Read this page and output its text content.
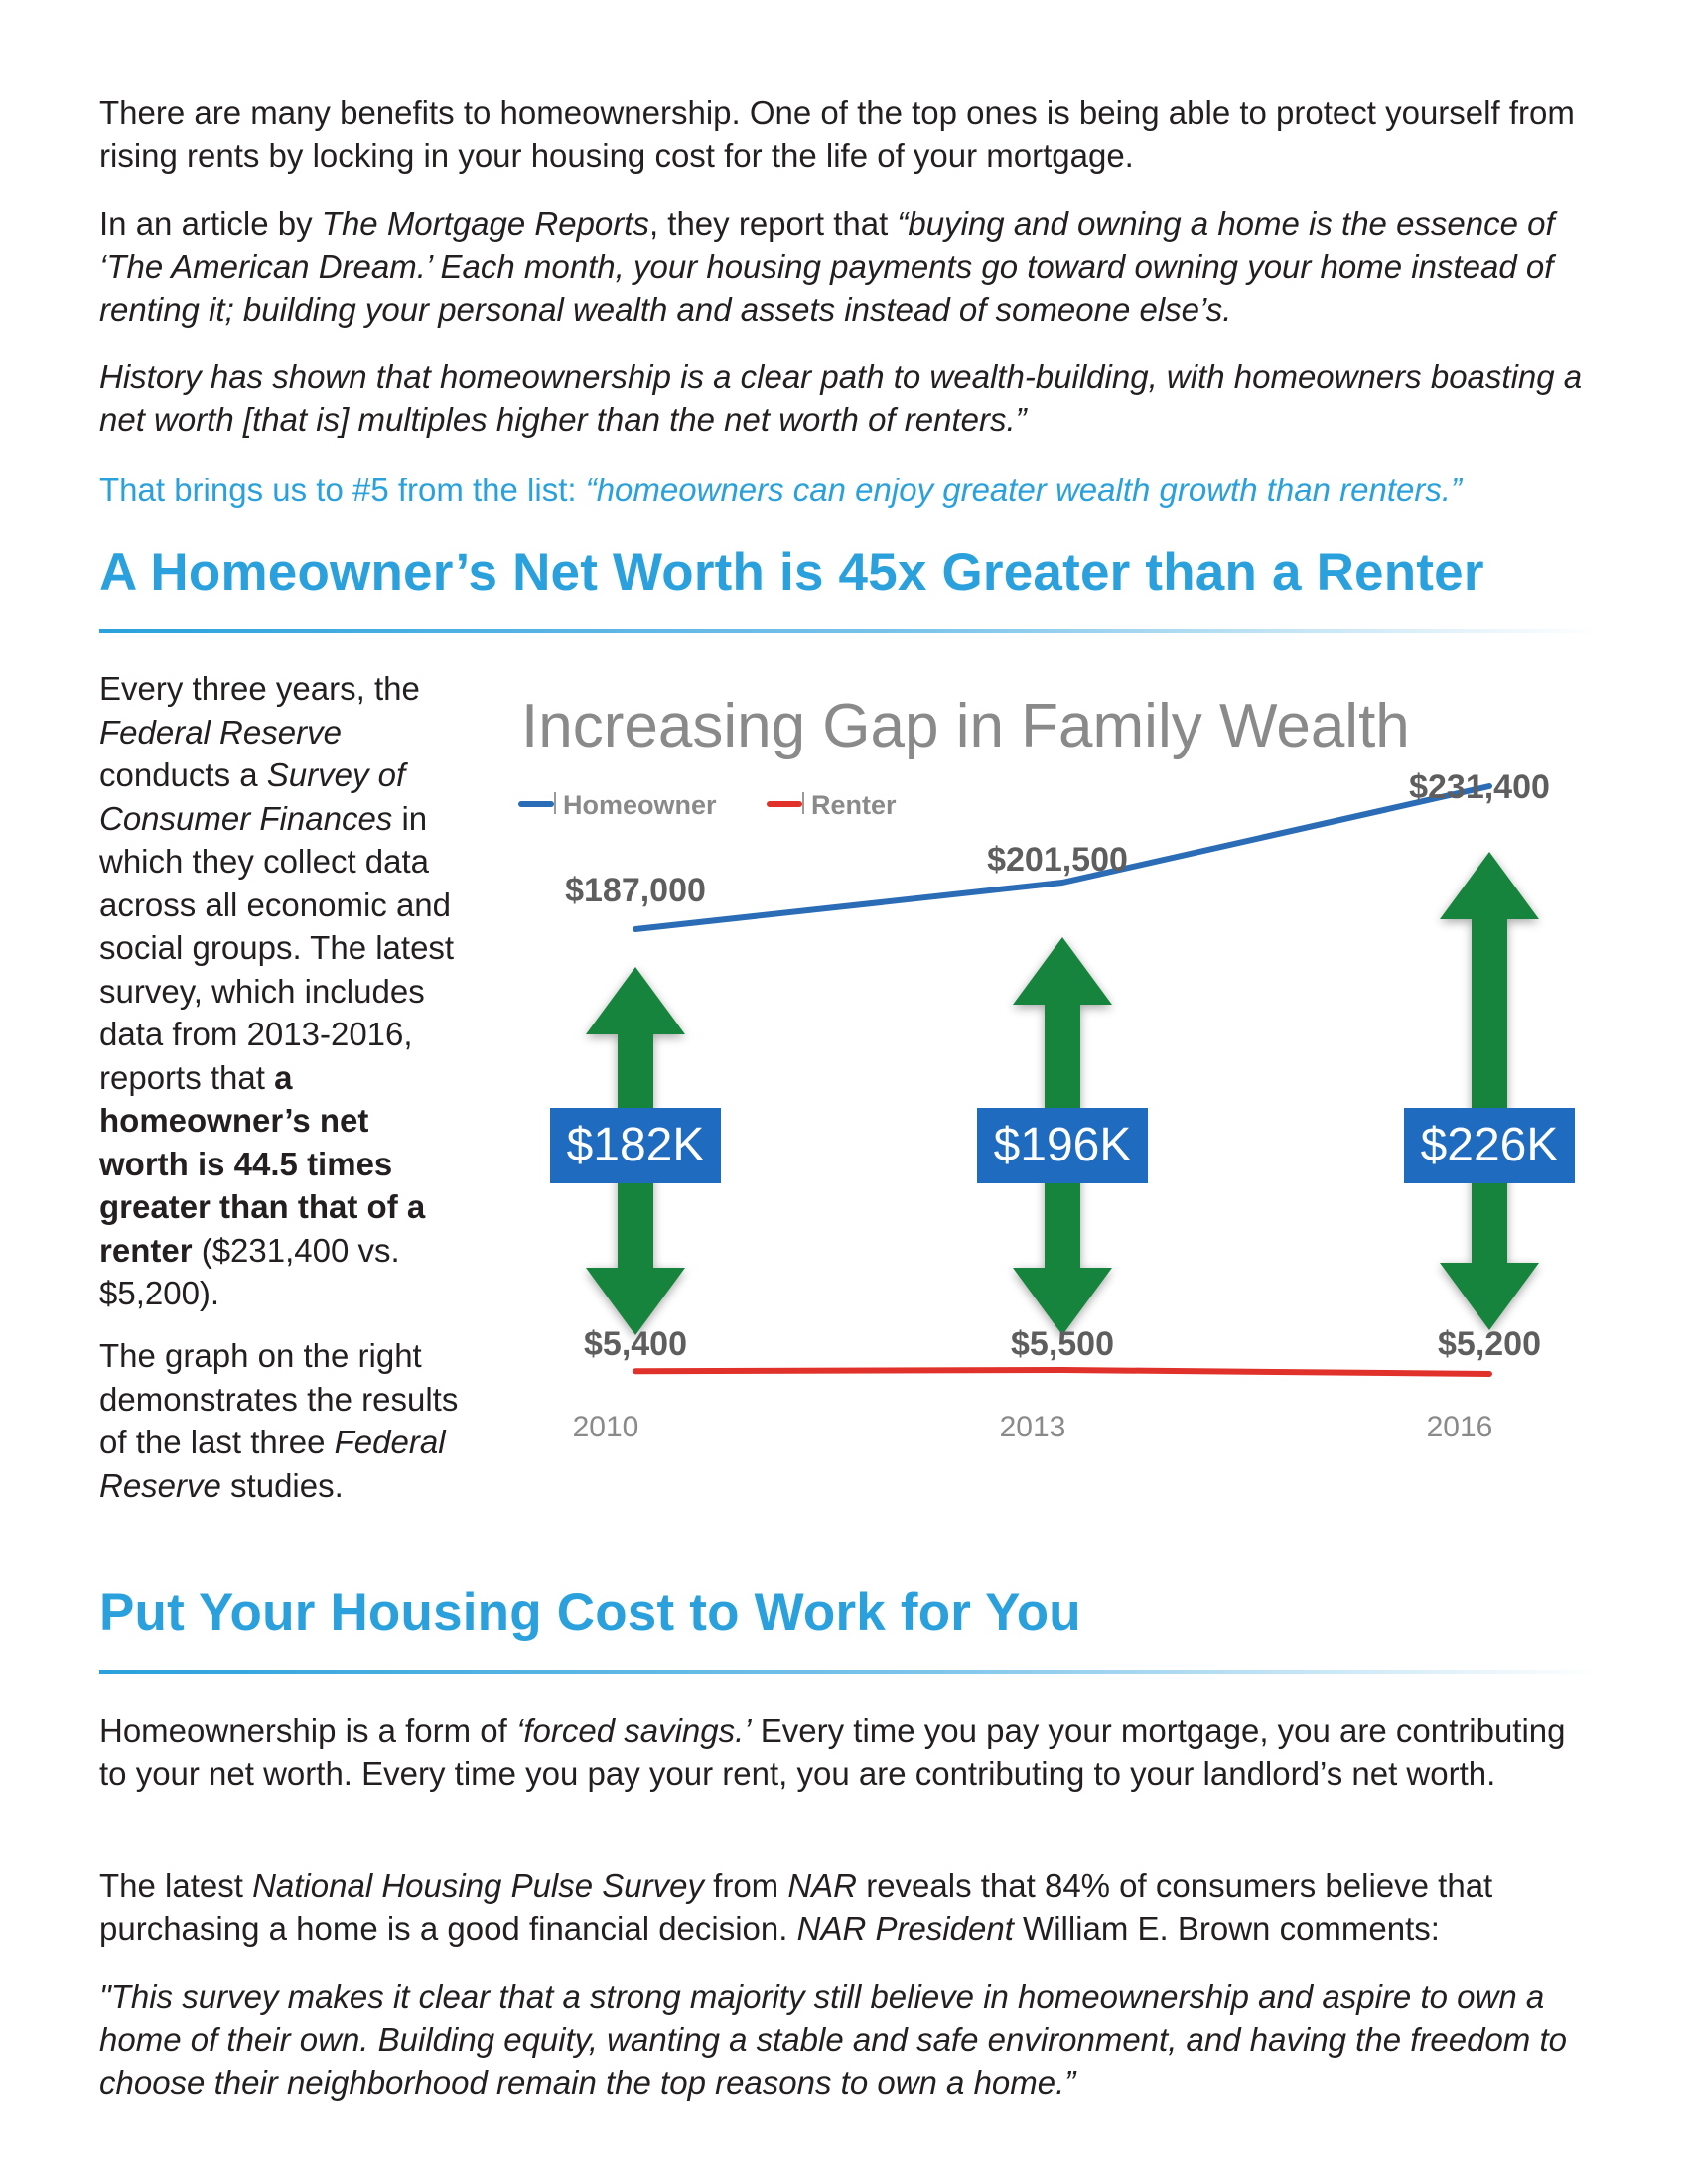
There are many benefits to homeownership. One of the top ones is being able to protect yourself from rising rents by locking in your housing cost for the life of your mortgage.

In an article by The Mortgage Reports, they report that “buying and owning a home is the essence of ‘The American Dream.’ Each month, your housing payments go toward owning your home instead of renting it; building your personal wealth and assets instead of someone else’s.

History has shown that homeownership is a clear path to wealth-building, with homeowners boasting a net worth [that is] multiples higher than the net worth of renters.”

That brings us to #5 from the list: “homeowners can enjoy greater wealth growth than renters.”

A Homeowner’s Net Worth is 45x Greater than a Renter

Every three years, the Federal Reserve conducts a Survey of Consumer Finances in which they collect data across all economic and social groups. The latest survey, which includes data from 2013-2016, reports that a homeowner’s net worth is 44.5 times greater than that of a renter ($231,400 vs. $5,200).

The graph on the right demonstrates the results of the last three Federal Reserve studies.

Increasing Gap in Family Wealth
Homeowner	Renter
$182K	$196K	$226K
$187,000
$201,500
$231,400
$5,400	$5,500	$5,200
2010	2013	2016
Put Your Housing Cost to Work for You

Homeownership is a form of ‘forced savings.’ Every time you pay your mortgage, you are contributing to your net worth. Every time you pay your rent, you are contributing to your landlord’s net worth.

The latest National Housing Pulse Survey from NAR reveals that 84% of consumers believe that purchasing a home is a good financial decision. NAR President William E. Brown comments:

"This survey makes it clear that a strong majority still believe in homeownership and aspire to own a home of their own. Building equity, wanting a stable and safe environment, and having the freedom to choose their neighborhood remain the top reasons to own a home.”
